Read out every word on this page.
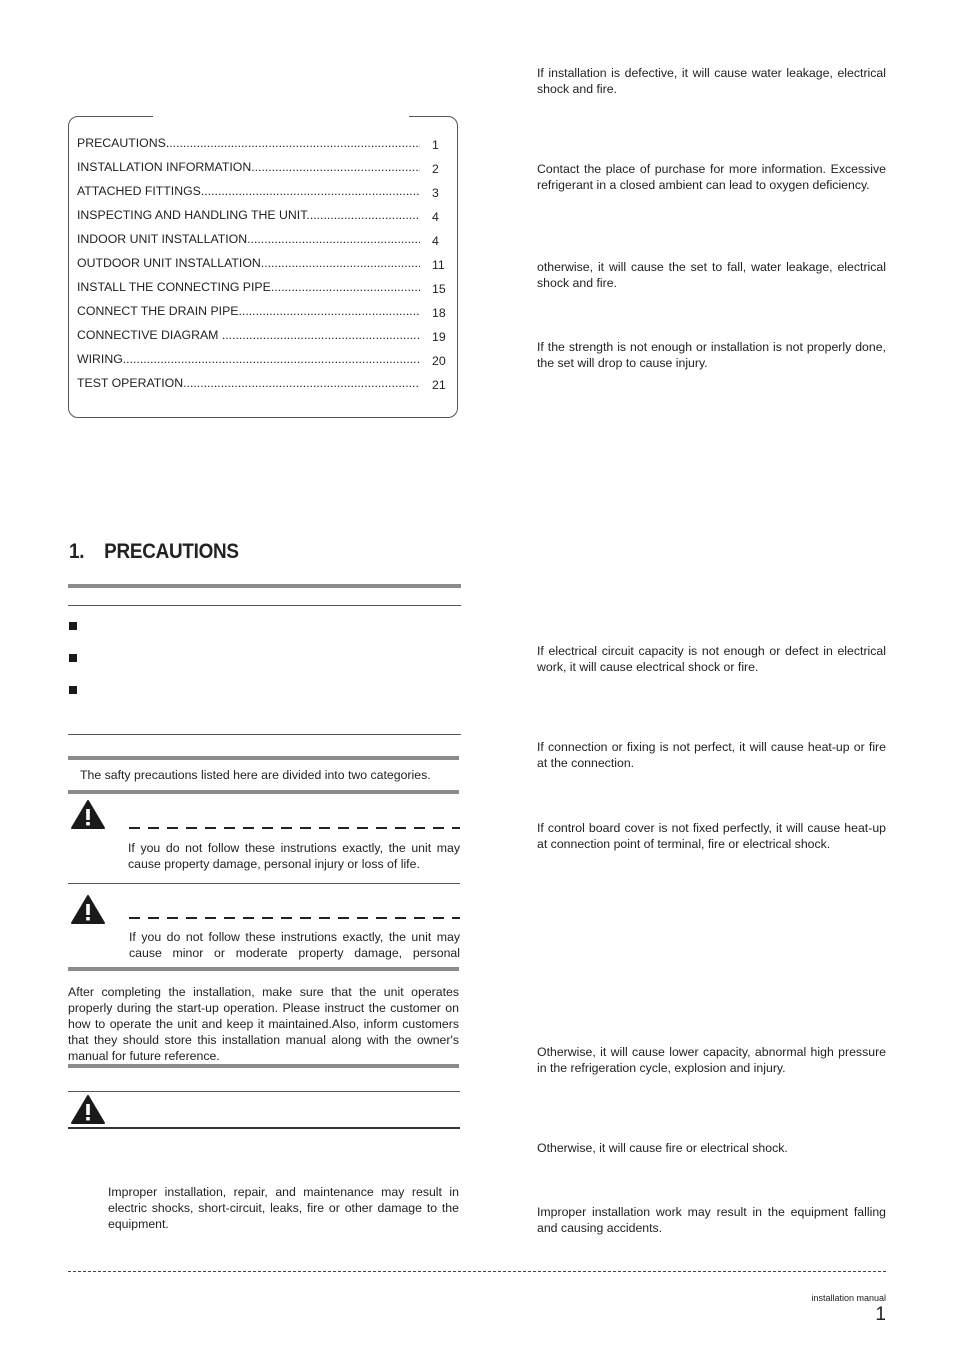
PRECAUTIONS .....	1
INSTALLATION INFORMATION .....	2
ATTACHED FITTINGS .....	3
INSPECTING AND HANDLING THE UNIT .....	4
INDOOR UNIT INSTALLATION .....	4
OUTDOOR UNIT INSTALLATION .....	11
INSTALL THE CONNECTING PIPE .....	15
CONNECT THE DRAIN PIPE .....	18
CONNECTIVE DIAGRAM .....	19
WIRING .....	20
TEST OPERATION .....	21
1.    PRECAUTIONS
The safty precautions listed here are divided into two categories.
If you do not follow these instrutions exactly, the unit may cause property damage, personal injury or loss of life.
If you do not follow these instrutions exactly, the unit may cause minor or moderate property damage, personal
After completing the installation, make sure that the unit operates properly during the start-up operation. Please instruct the customer on how to operate the unit and keep it maintained.Also, inform customers that they should store this installation manual along with the owner's manual for future reference.
Improper installation, repair, and maintenance may result in electric shocks, short-circuit, leaks, fire or other damage to the equipment.
If installation is defective, it will cause water leakage, electrical shock and fire.
Contact the place of purchase for more information. Excessive refrigerant in a closed ambient can lead to oxygen deficiency.
otherwise, it will cause the set to fall, water leakage, electrical shock and fire.
If the strength is not enough or installation is not properly done, the set will drop to cause injury.
If electrical circuit capacity is not enough or defect in electrical work, it will cause electrical shock or fire.
If connection or fixing is not perfect, it will cause heat-up or fire at the connection.
If control board cover is not fixed perfectly, it will cause heat-up at connection point of terminal, fire or electrical shock.
Otherwise, it will cause lower capacity, abnormal high pressure in the refrigeration cycle, explosion and injury.
Otherwise, it will cause fire or electrical shock.
Improper installation work may result in the equipment falling and causing accidents.
installation manual
1
